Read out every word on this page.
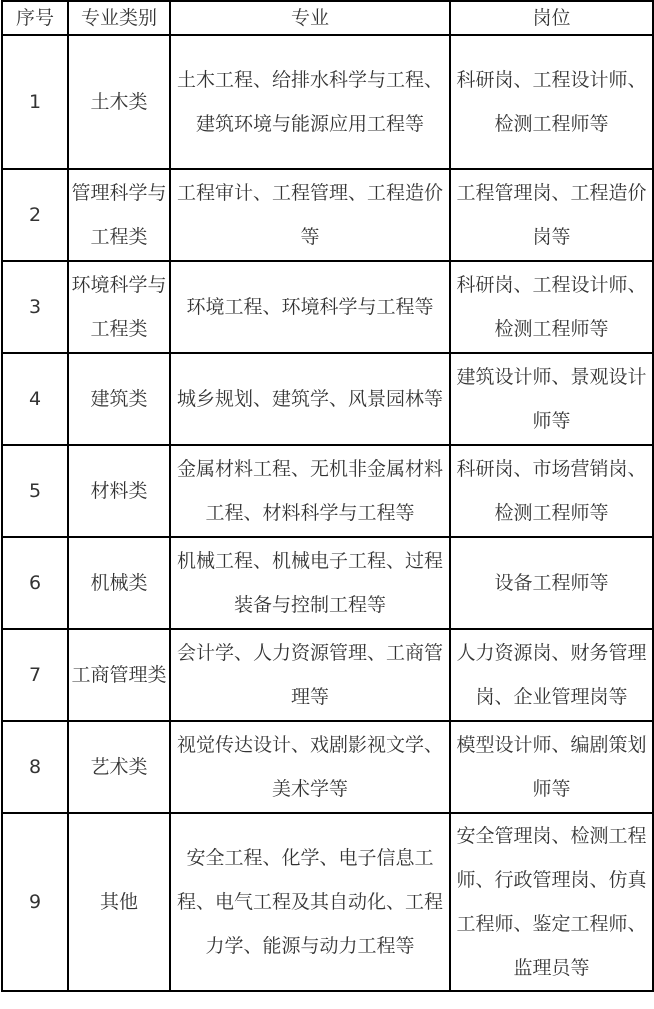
序号	专业类别	专业	岗位
1	土木类	土木工程、给排水科学与工程、建筑环境与能源应用工程等	科研岗、工程设计师、检测工程师等
2	管理科学与工程类	工程审计、工程管理、工程造价等	工程管理岗、工程造价岗等
3	环境科学与工程类	环境工程、环境科学与工程等	科研岗、工程设计师、检测工程师等
4	建筑类	城乡规划、建筑学、风景园林等	建筑设计师、景观设计师等
5	材料类	金属材料工程、无机非金属材料工程、材料科学与工程等	科研岗、市场营销岗、检测工程师等
6	机械类	机械工程、机械电子工程、过程装备与控制工程等	设备工程师等
7	工商管理类	会计学、人力资源管理、工商管理等	人力资源岗、财务管理岗、企业管理岗等
8	艺术类	视觉传达设计、戏剧影视文学、美术学等	模型设计师、编剧策划师等
9	其他	安全工程、化学、电子信息工程、电气工程及其自动化、工程力学、能源与动力工程等	安全管理岗、检测工程师、行政管理岗、仿真工程师、鉴定工程师、监理员等
